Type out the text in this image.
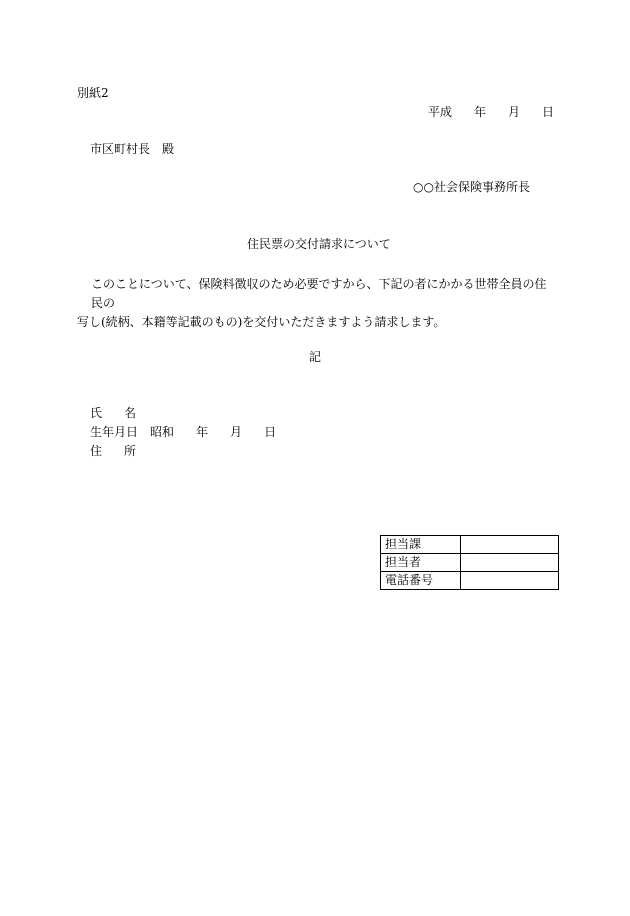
別紙2
平成 年 月 日
市区町村長 殿
○○社会保険事務所長
住民票の交付請求について
このことについて、保険料徴収のため必要ですから、下記の者にかかる世帯全員の住民の
写し(続柄、本籍等記載のもの)を交付いただきますよう請求します。
記
氏 名
生年月日 昭和 年 月 日
住 所
担当課	
担当者	
電話番号	
